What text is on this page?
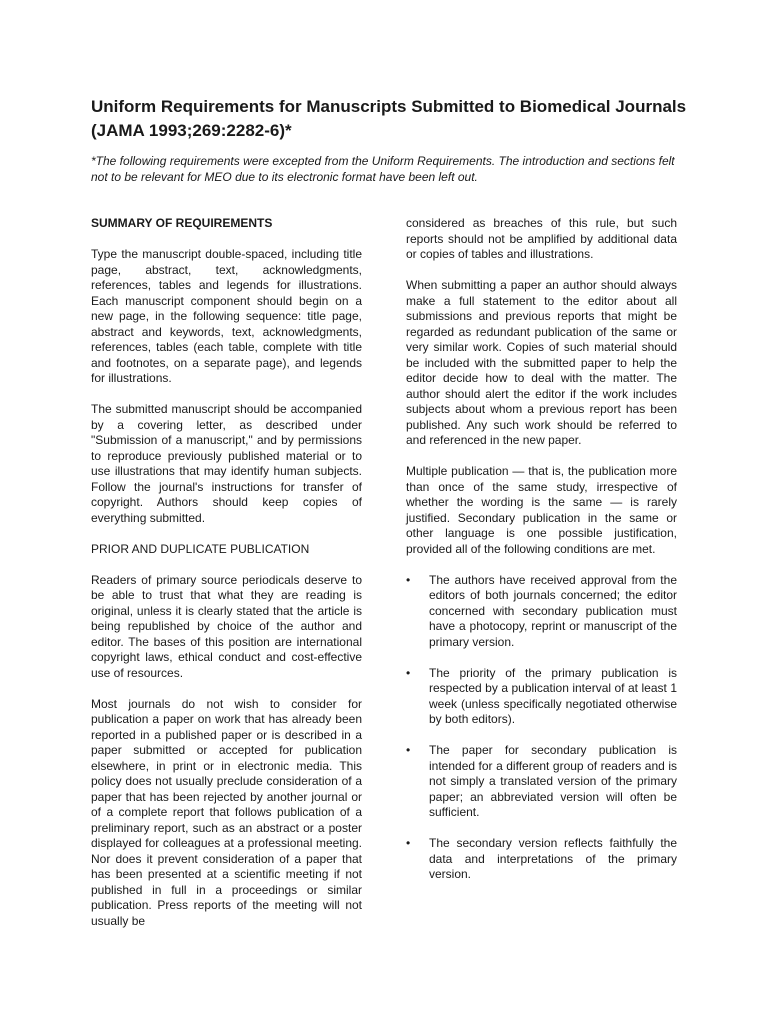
Uniform Requirements for Manuscripts Submitted to Biomedical Journals (JAMA 1993;269:2282-6)*

*The following requirements were excepted from the Uniform Requirements. The introduction and sections felt not to be relevant for MEO due to its electronic format have been left out.

SUMMARY OF REQUIREMENTS

Type the manuscript double-spaced, including title page, abstract, text, acknowledgments, references, tables and legends for illustrations. Each manuscript component should begin on a new page, in the following sequence: title page, abstract and keywords, text, acknowledgments, references, tables (each table, complete with title and footnotes, on a separate page), and legends for illustrations.

The submitted manuscript should be accompanied by a covering letter, as described under "Submission of a manuscript," and by permissions to reproduce previously published material or to use illustrations that may identify human subjects. Follow the journal's instructions for transfer of copyright. Authors should keep copies of everything submitted.

PRIOR AND DUPLICATE PUBLICATION

Readers of primary source periodicals deserve to be able to trust that what they are reading is original, unless it is clearly stated that the article is being republished by choice of the author and editor. The bases of this position are international copyright laws, ethical conduct and cost-effective use of resources.

Most journals do not wish to consider for publication a paper on work that has already been reported in a published paper or is described in a paper submitted or accepted for publication elsewhere, in print or in electronic media. This policy does not usually preclude consideration of a paper that has been rejected by another journal or of a complete report that follows publication of a preliminary report, such as an abstract or a poster displayed for colleagues at a professional meeting. Nor does it prevent consideration of a paper that has been presented at a scientific meeting if not published in full in a proceedings or similar publication. Press reports of the meeting will not usually be

considered as breaches of this rule, but such reports should not be amplified by additional data or copies of tables and illustrations.

When submitting a paper an author should always make a full statement to the editor about all submissions and previous reports that might be regarded as redundant publication of the same or very similar work. Copies of such material should be included with the submitted paper to help the editor decide how to deal with the matter. The author should alert the editor if the work includes subjects about whom a previous report has been published. Any such work should be referred to and referenced in the new paper.

Multiple publication — that is, the publication more than once of the same study, irrespective of whether the wording is the same — is rarely justified. Secondary publication in the same or other language is one possible justification, provided all of the following conditions are met.

• The authors have received approval from the editors of both journals concerned; the editor concerned with secondary publication must have a photocopy, reprint or manuscript of the primary version.
• The priority of the primary publication is respected by a publication interval of at least 1 week (unless specifically negotiated otherwise by both editors).
• The paper for secondary publication is intended for a different group of readers and is not simply a translated version of the primary paper; an abbreviated version will often be sufficient.
• The secondary version reflects faithfully the data and interpretations of the primary version.
